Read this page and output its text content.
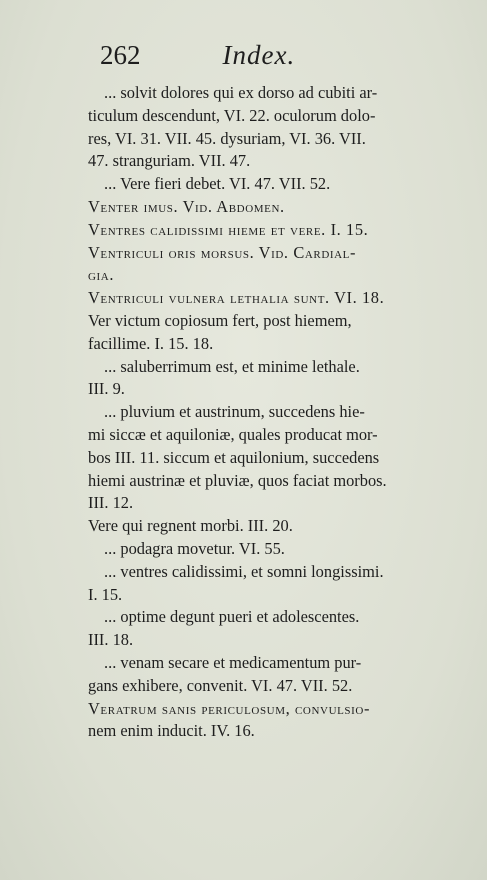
262	Index.
... solvit dolores qui ex dorso ad cubiti ar-
ticulum descendunt, VI. 22. oculorum dolo-
res, VI. 31. VII. 45. dysuriam, VI. 36. VII.
47. stranguriam. VII. 47.
... Vere fieri debet. VI. 47. VII. 52.
Venter imus. Vid. Abdomen.
Ventres calidissimi hieme et vere. I. 15.
Ventriculi oris morsus. Vid. Cardial-
gia.
Ventriculi vulnera lethalia sunt. VI. 18.
Ver victum copiosum fert, post hiemem,
facillime. I. 15. 18.
... saluberrimum est, et minime lethale.
III. 9.
... pluvium et austrinum, succedens hie-
mi siccæ et aquiloniæ, quales producat mor-
bos III. 11. siccum et aquilonium, succedens
hiemi austrinæ et pluviæ, quos faciat morbos.
III. 12.
Vere qui regnent morbi. III. 20.
... podagra movetur. VI. 55.
... ventres calidissimi, et somni longissimi.
I. 15.
... optime degunt pueri et adolescentes.
III. 18.
... venam secare et medicamentum pur-
gans exhibere, convenit. VI. 47. VII. 52.
Veratrum sanis periculosum, convulsio-
nem enim inducit. IV. 16.
